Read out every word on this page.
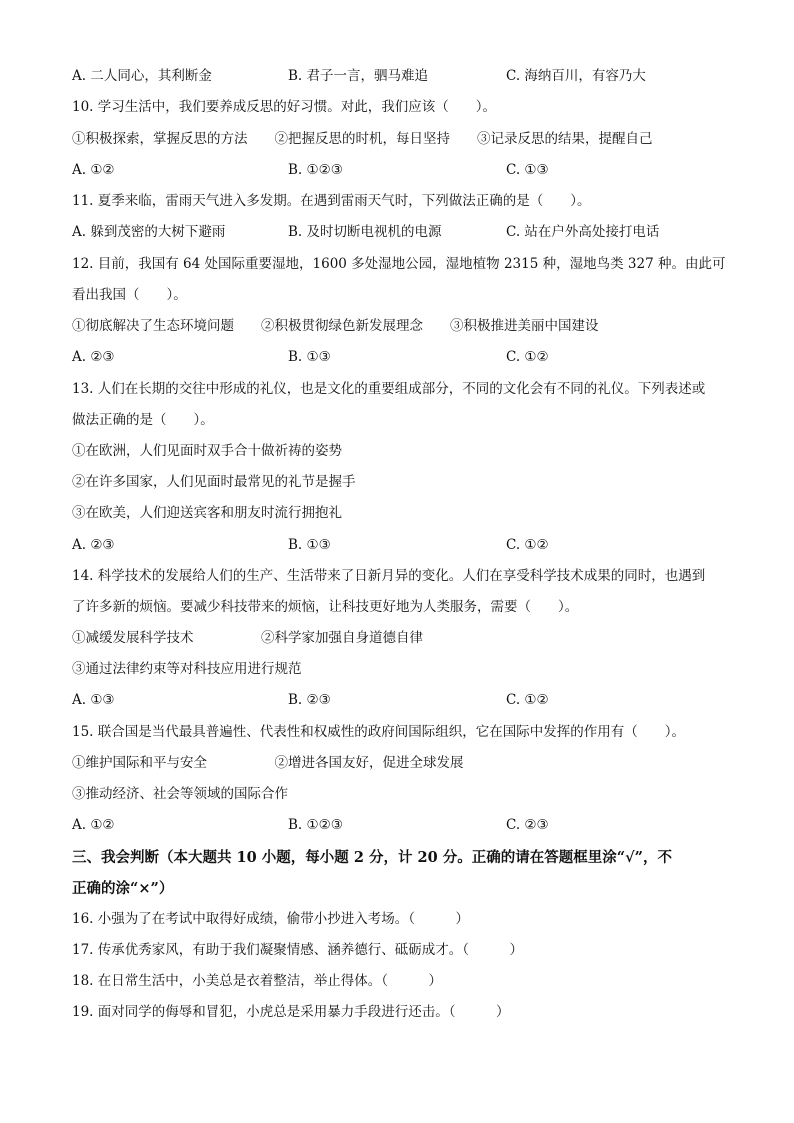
A. 二人同心，其利断金	B. 君子一言，驷马难追	C. 海纳百川，有容乃大
10. 学习生活中，我们要养成反思的好习惯。对此，我们应该（　　）。
①积极探索，掌握反思的方法　　②把握反思的时机，每日坚持　　③记录反思的结果，提醒自己
A. ①②	B. ①②③	C. ①③
11. 夏季来临，雷雨天气进入多发期。在遇到雷雨天气时，下列做法正确的是（　　）。
A. 躲到茂密的大树下避雨	B. 及时切断电视机的电源	C. 站在户外高处接打电话
12. 目前，我国有 64 处国际重要湿地，1600 多处湿地公园，湿地植物 2315 种，湿地鸟类 327 种。由此可
看出我国（　　）。
①彻底解决了生态环境问题　　②积极贯彻绿色新发展理念　　③积极推进美丽中国建设
A. ②③	B. ①③	C. ①②
13. 人们在长期的交往中形成的礼仪，也是文化的重要组成部分，不同的文化会有不同的礼仪。下列表述或
做法正确的是（　　）。
①在欧洲，人们见面时双手合十做祈祷的姿势
②在许多国家，人们见面时最常见的礼节是握手
③在欧美，人们迎送宾客和朋友时流行拥抱礼
A. ②③	B. ①③	C. ①②
14. 科学技术的发展给人们的生产、生活带来了日新月异的变化。人们在享受科学技术成果的同时，也遇到
了许多新的烦恼。要减少科技带来的烦恼，让科技更好地为人类服务，需要（　　）。
①减缓发展科学技术　　　　　②科学家加强自身道德自律
③通过法律约束等对科技应用进行规范
A. ①③	B. ②③	C. ①②
15. 联合国是当代最具普遍性、代表性和权威性的政府间国际组织，它在国际中发挥的作用有（　　）。
①维护国际和平与安全　　　　　②增进各国友好，促进全球发展
③推动经济、社会等领域的国际合作
A. ①②	B. ①②③	C. ②③
三、我会判断（本大题共 10 小题，每小题 2 分，计 20 分。正确的请在答题框里涂“√”，不
正确的涂“×”）
16. 小强为了在考试中取得好成绩，偷带小抄进入考场。（　　　）
17. 传承优秀家风，有助于我们凝聚情感、涵养德行、砥砺成才。（　　　）
18. 在日常生活中，小美总是衣着整洁，举止得体。（　　　）
19. 面对同学的侮辱和冒犯，小虎总是采用暴力手段进行还击。（　　　）
